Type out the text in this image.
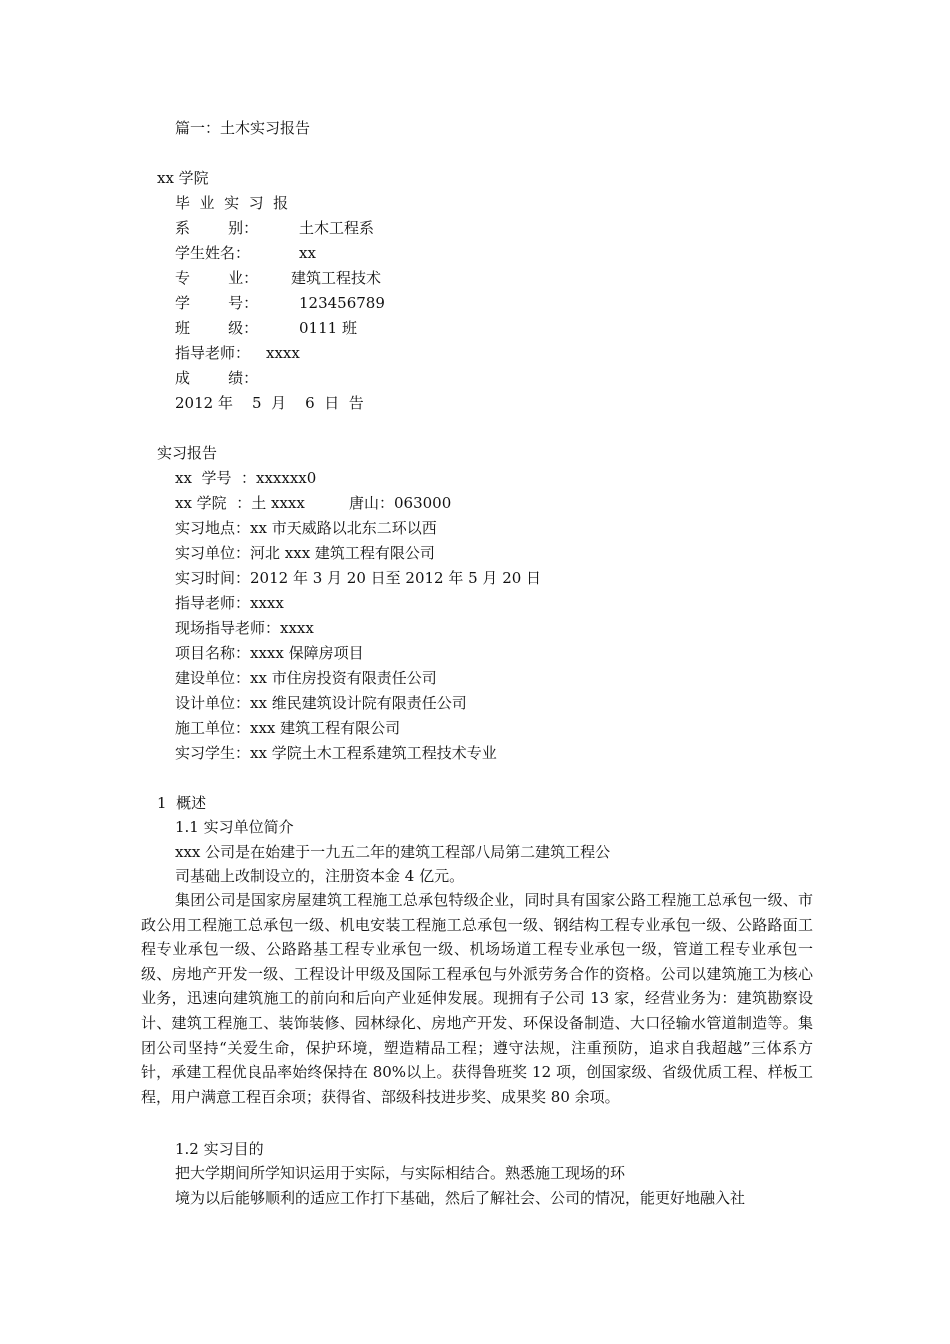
篇一：土木实习报告
xx 学院
毕  业  实  习  报
系        别：	土木工程系
学生姓名：	xx
专        业： 建筑工程技术
学        号：	123456789
班        级：	0111 班
指导老师： xxxx
成        绩：
2012 年    5  月    6  日  告
实习报告
xx  学号  ：xxxxxx0
xx 学院  ：土 xxxx	唐山：063000
实习地点：xx 市天威路以北东二环以西
实习单位：河北 xxx 建筑工程有限公司
实习时间：2012 年 3 月 20 日至 2012 年 5 月 20 日
指导老师：xxxx
现场指导老师：xxxx
项目名称：xxxx 保障房项目
建设单位：xx 市住房投资有限责任公司
设计单位：xx 维民建筑设计院有限责任公司
施工单位：xxx 建筑工程有限公司
实习学生：xx 学院土木工程系建筑工程技术专业
1  概述
1.1 实习单位简介
xxx 公司是在始建于一九五二年的建筑工程部八局第二建筑工程公
司基础上改制设立的，注册资本金 4 亿元。
集团公司是国家房屋建筑工程施工总承包特级企业，同时具有国家公路工程施工总承包一级、市政公用工程施工总承包一级、机电安装工程施工总承包一级、钢结构工程专业承包一级、公路路面工程专业承包一级、公路路基工程专业承包一级、机场场道工程专业承包一级，管道工程专业承包一级、房地产开发一级、工程设计甲级及国际工程承包与外派劳务合作的资格。公司以建筑施工为核心业务，迅速向建筑施工的前向和后向产业延伸发展。现拥有子公司 13 家，经营业务为：建筑勘察设计、建筑工程施工、装饰装修、园林绿化、房地产开发、环保设备制造、大口径输水管道制造等。集团公司坚持“关爱生命，保护环境，塑造精品工程；遵守法规，注重预防，追求自我超越”三体系方针，承建工程优良品率始终保持在 80%以上。获得鲁班奖 12 项，创国家级、省级优质工程、样板工程，用户满意工程百余项；获得省、部级科技进步奖、成果奖 80 余项。
1.2 实习目的
把大学期间所学知识运用于实际，与实际相结合。熟悉施工现场的环
境为以后能够顺利的适应工作打下基础，然后了解社会、公司的情况，能更好地融入社
